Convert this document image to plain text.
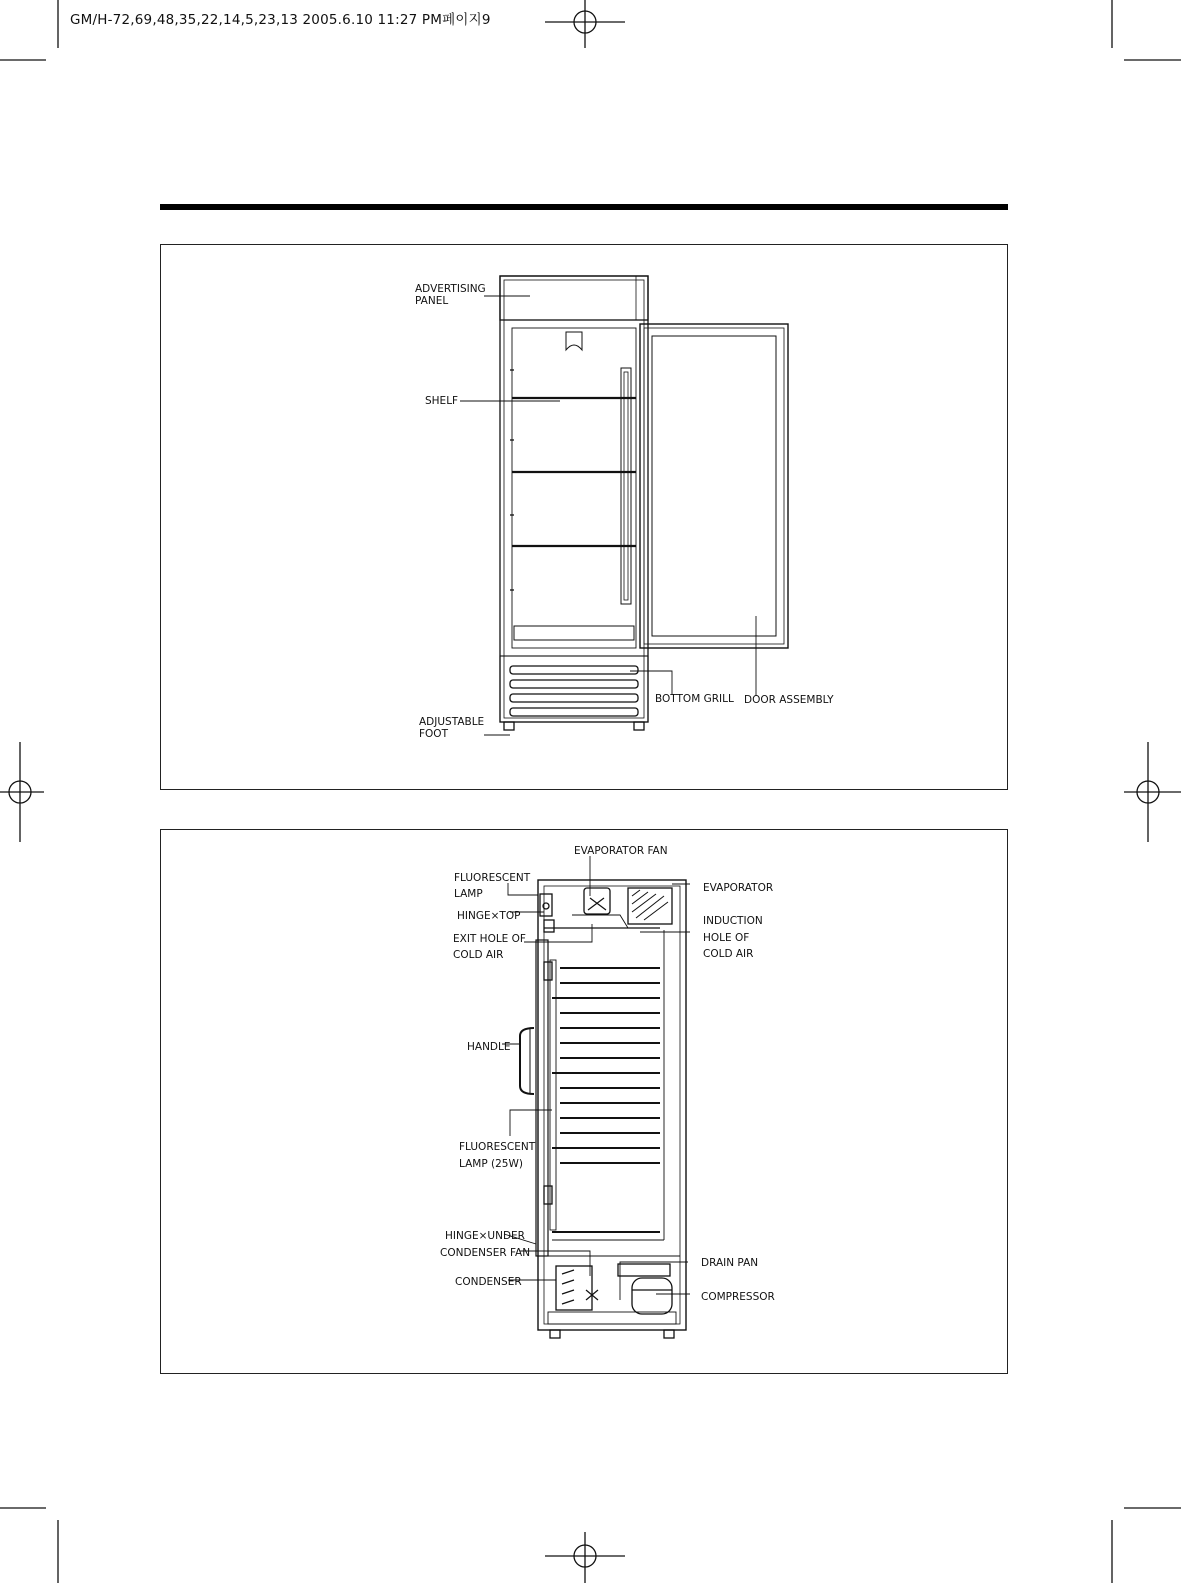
GM/H-72,69,48,35,22,14,5,23,13 2005.6.10 11:27 PM페이지9
ADVERTISING
PANEL
SHELF
BOTTOM GRILL DOOR ASSEMBLY
ADJUSTABLE
FOOT
EVAPORATOR FAN
FLUORESCENT
LAMP
HINGE×TOP
EXIT HOLE OF
COLD AIR
EVAPORATOR
INDUCTION
HOLE OF
COLD AIR
HANDLE
FLUORESCENT
LAMP (25W)
HINGE×UNDER
CONDENSER FAN
CONDENSER
DRAIN PAN
COMPRESSOR
